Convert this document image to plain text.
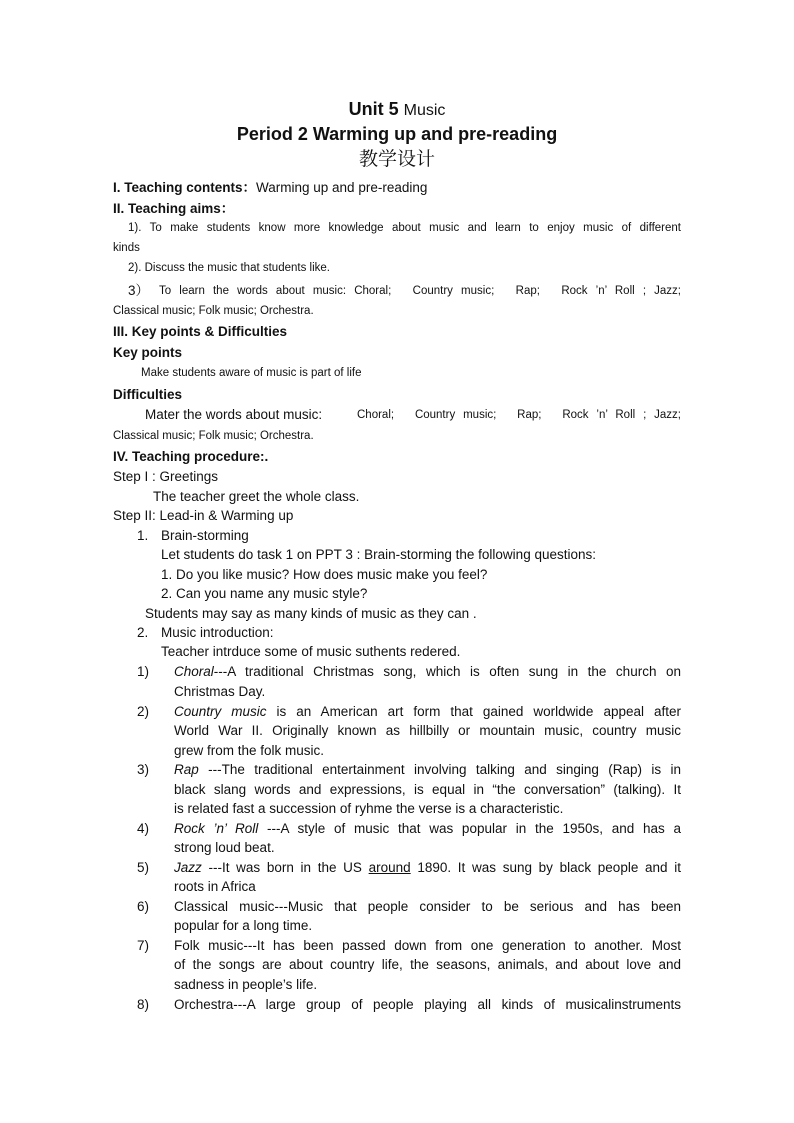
Unit 5 Music
Period 2 Warming up and pre-reading
教学设计
I. Teaching contents：Warming up and pre-reading
II. Teaching aims：
1). To make students know more knowledge about music and learn to enjoy music of different
kinds
2). Discuss the music that students like.
3） To learn the words about music: Choral;　Country music;　Rap;　Rock ’n’ Roll ; Jazz;
Classical music; Folk music; Orchestra.
III. Key points & Difficulties
Key points
Make students aware of music is part of life
Difficulties
Mater the words about music:	Choral;　Country music;　Rap;　Rock ’n’ Roll ; Jazz;
Classical music; Folk music; Orchestra.
IV. Teaching procedure:.
Step I : Greetings
The teacher greet the whole class.
Step II: Lead-in & Warming up
1. Brain-storming
Let students do task 1 on PPT 3 : Brain-storming the following questions:
1. Do you like music? How does music make you feel?
2. Can you name any music style?
Students may say as many kinds of music as they can .
2. Music introduction:
Teacher intrduce some of music suthents redered.
1) Choral---A traditional Christmas song, which is often sung in the church on
Christmas Day.
2) Country music is an American art form that gained worldwide appeal after
World War II. Originally known as hillbilly or mountain music, country music
grew from the folk music.
3) Rap ---The traditional entertainment involving talking and singing (Rap) is in
black slang words and expressions, is equal in “the conversation” (talking). It
is related fast a succession of ryhme the verse is a characteristic.
4) Rock ’n’ Roll ---A style of music that was popular in the 1950s, and has a
strong loud beat.
5) Jazz ---It was born in the US around 1890. It was sung by black people and it
roots in Africa
6) Classical music---Music that people consider to be serious and has been
popular for a long time.
7) Folk music---It has been passed down from one generation to another. Most
of the songs are about country life, the seasons, animals, and about love and
sadness in people’s life.
8) Orchestra---A large group of people playing all kinds of musicalinstruments
